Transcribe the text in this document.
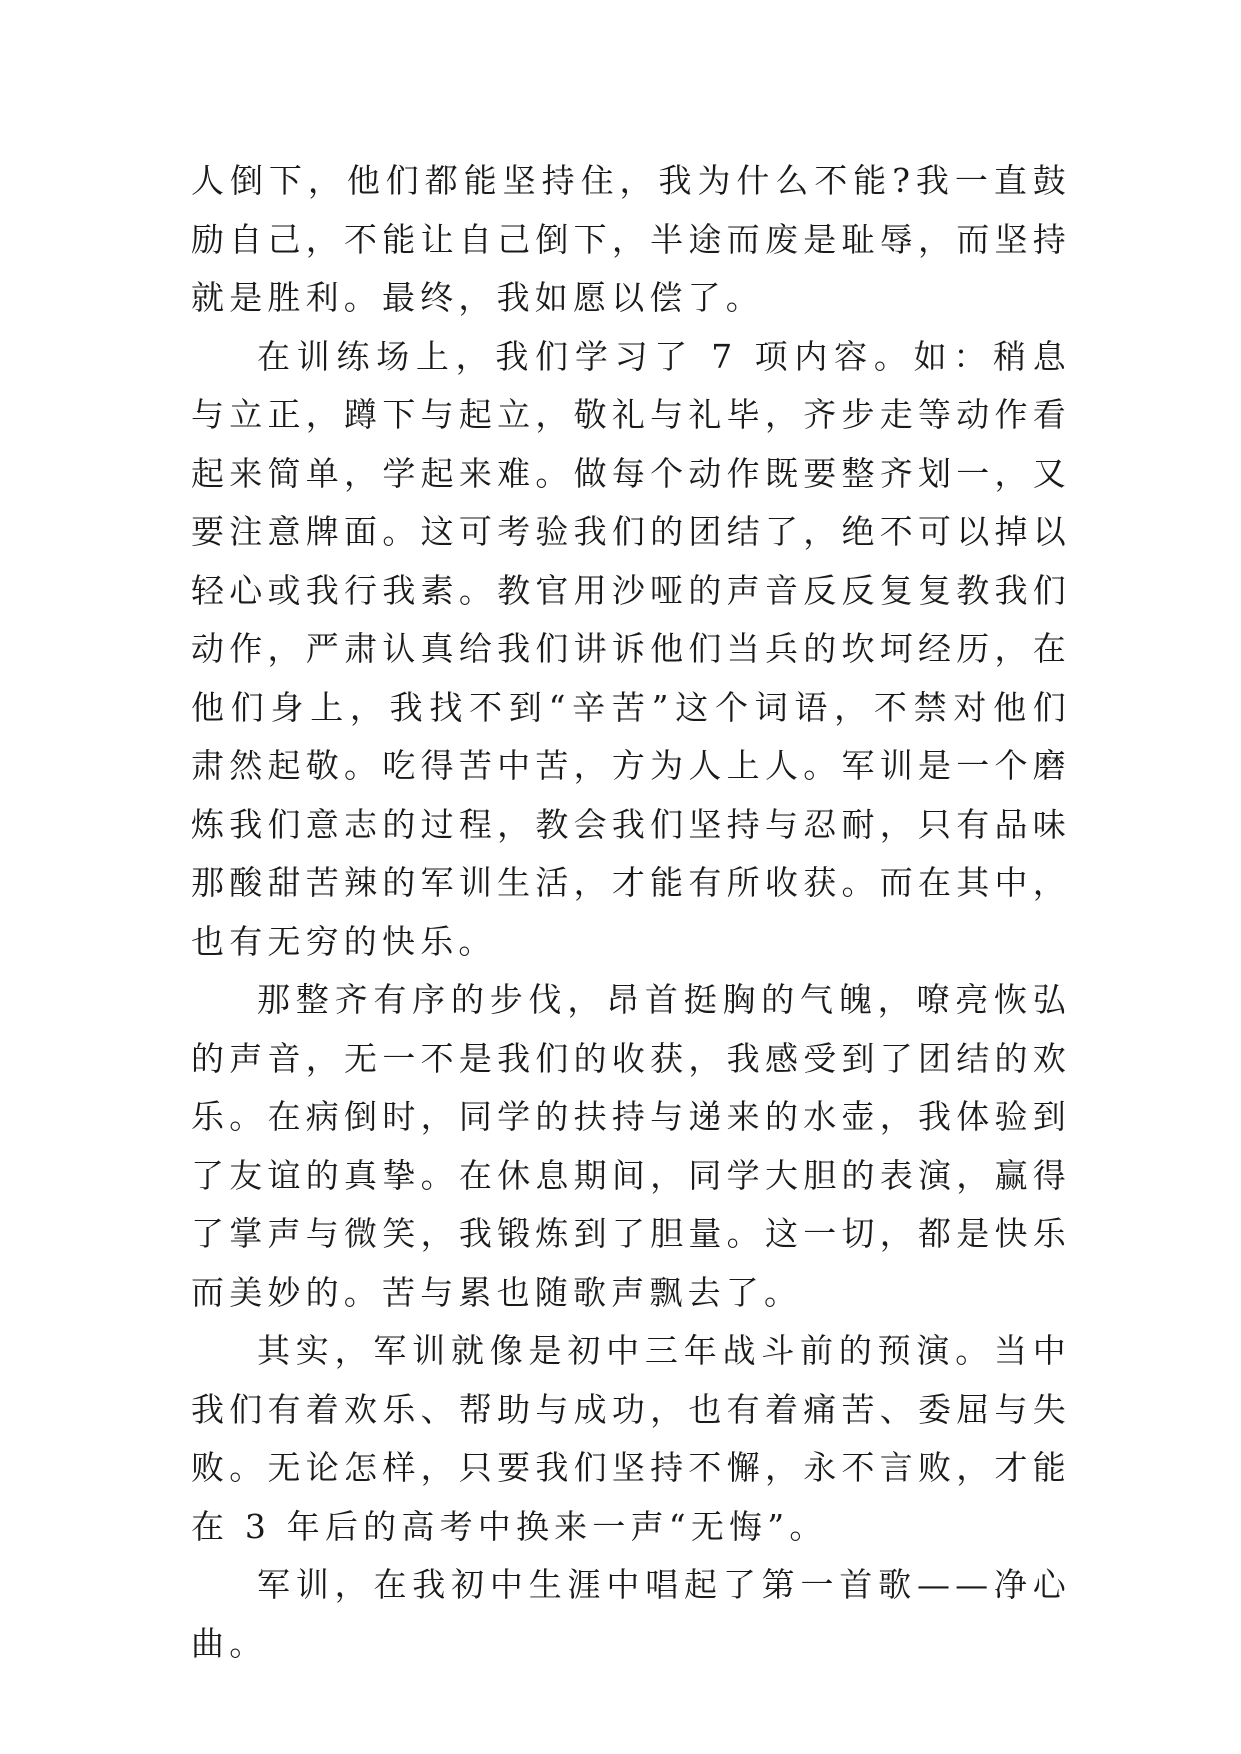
人倒下，他们都能坚持住，我为什么不能?我一直鼓励自己，不能让自己倒下，半途而废是耻辱，而坚持就是胜利。最终，我如愿以偿了。

在训练场上，我们学习了 7 项内容。如：稍息与立正，蹲下与起立，敬礼与礼毕，齐步走等动作看起来简单，学起来难。做每个动作既要整齐划一，又要注意牌面。这可考验我们的团结了，绝不可以掉以轻心或我行我素。教官用沙哑的声音反反复复教我们动作，严肃认真给我们讲诉他们当兵的坎坷经历，在他们身上，我找不到“辛苦”这个词语，不禁对他们肃然起敬。吃得苦中苦，方为人上人。军训是一个磨炼我们意志的过程，教会我们坚持与忍耐，只有品味那酸甜苦辣的军训生活，才能有所收获。而在其中，也有无穷的快乐。

那整齐有序的步伐，昂首挺胸的气魄，嘹亮恢弘的声音，无一不是我们的收获，我感受到了团结的欢乐。在病倒时，同学的扶持与递来的水壶，我体验到了友谊的真挚。在休息期间，同学大胆的表演，赢得了掌声与微笑，我锻炼到了胆量。这一切，都是快乐而美妙的。苦与累也随歌声飘去了。

其实，军训就像是初中三年战斗前的预演。当中我们有着欢乐、帮助与成功，也有着痛苦、委屈与失败。无论怎样，只要我们坚持不懈，永不言败，才能在 3 年后的高考中换来一声“无悔”。

军训，在我初中生涯中唱起了第一首歌——净心曲。
